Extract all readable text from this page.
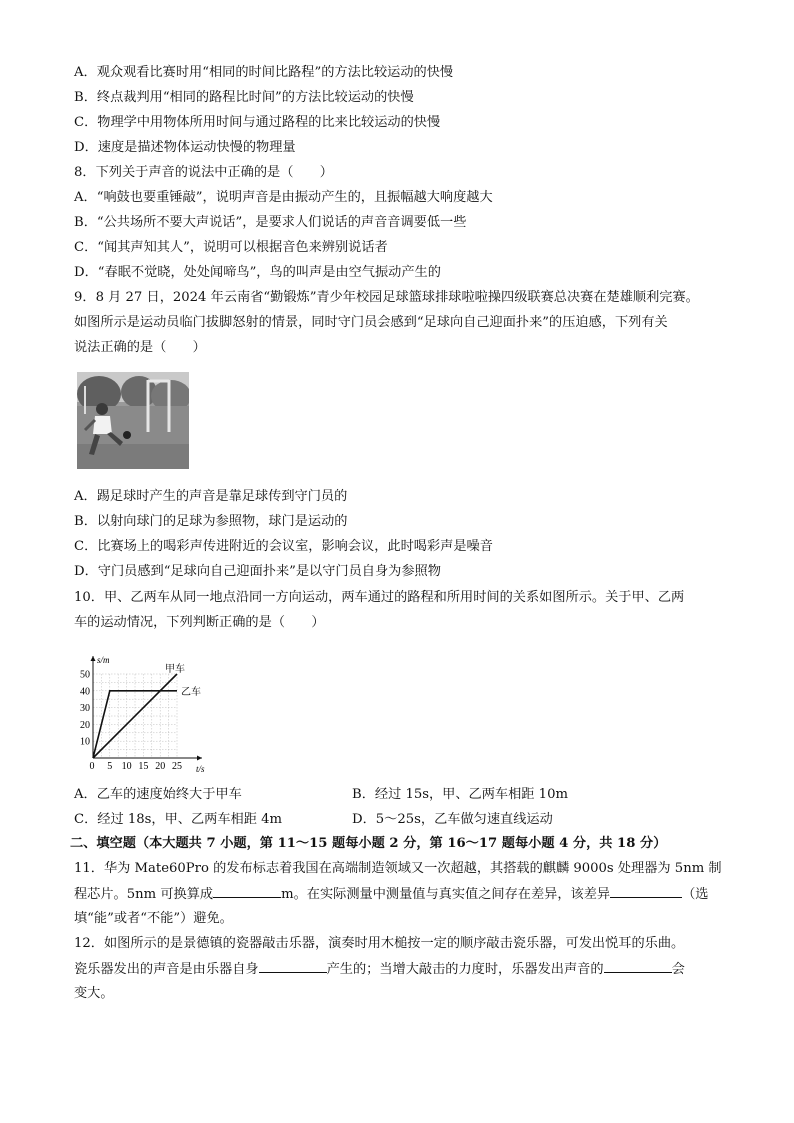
A．观众观看比赛时用“相同的时间比路程”的方法比较运动的快慢
B．终点裁判用“相同的路程比时间”的方法比较运动的快慢
C．物理学中用物体所用时间与通过路程的比来比较运动的快慢
D．速度是描述物体运动快慢的物理量
8．下列关于声音的说法中正确的是（　　）
A．“响鼓也要重锤敲”，说明声音是由振动产生的，且振幅越大响度越大
B．“公共场所不要大声说话”，是要求人们说话的声音音调要低一些
C．“闻其声知其人”，说明可以根据音色来辨别说话者
D．“春眠不觉晓，处处闻啼鸟”，鸟的叫声是由空气振动产生的
9．8 月 27 日，2024 年云南省“勤锻炼”青少年校园足球篮球排球啦啦操四级联赛总决赛在楚雄顺利完赛。
如图所示是运动员临门拔脚怒射的情景，同时守门员会感到“足球向自己迎面扑来”的压迫感，下列有关
说法正确的是（　　）
A．踢足球时产生的声音是靠足球传到守门员的
B．以射向球门的足球为参照物，球门是运动的
C．比赛场上的喝彩声传进附近的会议室，影响会议，此时喝彩声是噪音
D．守门员感到“足球向自己迎面扑来”是以守门员自身为参照物
10．甲、乙两车从同一地点沿同一方向运动，两车通过的路程和所用时间的关系如图所示。关于甲、乙两
车的运动情况，下列判断正确的是（　　）
s/m
t/s
10
20
30
40
50
0 5 10 15 20 25
甲车
乙车
A．乙车的速度始终大于甲车	B．经过 15s，甲、乙两车相距 10m
C．经过 18s，甲、乙两车相距 4m	D．5～25s，乙车做匀速直线运动
二、填空题（本大题共 7 小题，第 11～15 题每小题 2 分，第 16～17 题每小题 4 分，共 18 分）
11．华为 Mate60Pro 的发布标志着我国在高端制造领域又一次超越，其搭载的麒麟 9000s 处理器为 5nm 制
程芯片。5nm 可换算成	m。在实际测量中测量值与真实值之间存在差异，该差异	（选
填“能”或者“不能”）避免。
12．如图所示的是景德镇的瓷器敲击乐器，演奏时用木槌按一定的顺序敲击瓷乐器，可发出悦耳的乐曲。
瓷乐器发出的声音是由乐器自身	产生的；当增大敲击的力度时，乐器发出声音的	会
变大。
